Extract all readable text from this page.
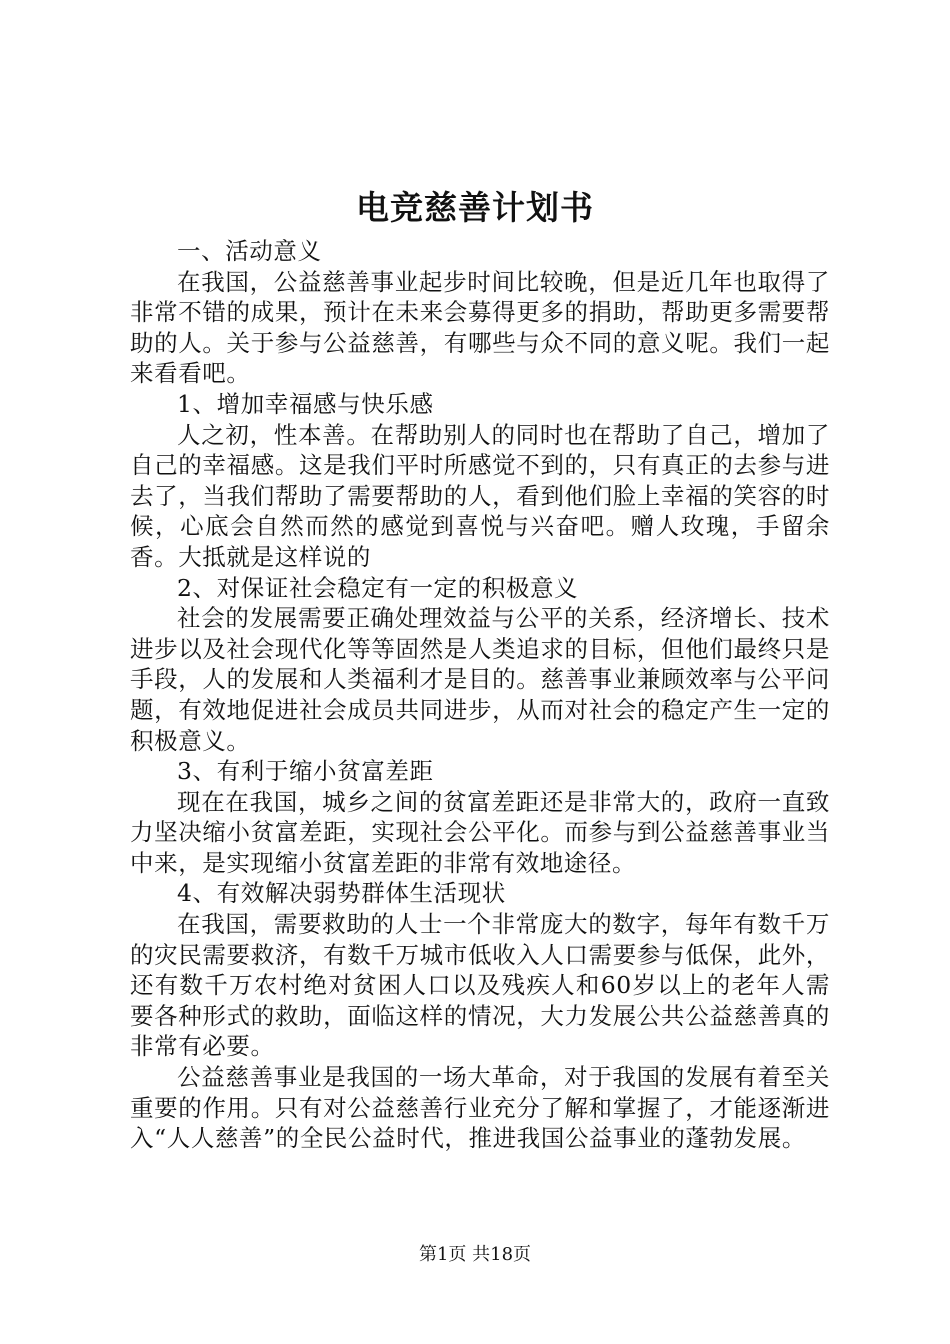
电竞慈善计划书

一、活动意义

在我国，公益慈善事业起步时间比较晚，但是近几年也取得了非常不错的成果，预计在未来会募得更多的捐助，帮助更多需要帮助的人。关于参与公益慈善，有哪些与众不同的意义呢。我们一起来看看吧。

1、增加幸福感与快乐感

人之初，性本善。在帮助别人的同时也在帮助了自己，增加了自己的幸福感。这是我们平时所感觉不到的，只有真正的去参与进去了，当我们帮助了需要帮助的人，看到他们脸上幸福的笑容的时候，心底会自然而然的感觉到喜悦与兴奋吧。赠人玫瑰，手留余香。大抵就是这样说的

2、对保证社会稳定有一定的积极意义

社会的发展需要正确处理效益与公平的关系，经济增长、技术进步以及社会现代化等等固然是人类追求的目标，但他们最终只是手段，人的发展和人类福利才是目的。慈善事业兼顾效率与公平问题，有效地促进社会成员共同进步，从而对社会的稳定产生一定的积极意义。

3、有利于缩小贫富差距

现在在我国，城乡之间的贫富差距还是非常大的，政府一直致力坚决缩小贫富差距，实现社会公平化。而参与到公益慈善事业当中来，是实现缩小贫富差距的非常有效地途径。

4、有效解决弱势群体生活现状

在我国，需要救助的人士一个非常庞大的数字，每年有数千万的灾民需要救济，有数千万城市低收入人口需要参与低保，此外，还有数千万农村绝对贫困人口以及残疾人和60岁以上的老年人需要各种形式的救助，面临这样的情况，大力发展公共公益慈善真的非常有必要。

公益慈善事业是我国的一场大革命，对于我国的发展有着至关重要的作用。只有对公益慈善行业充分了解和掌握了，才能逐渐进入“人人慈善”的全民公益时代，推进我国公益事业的蓬勃发展。

第1页 共18页
